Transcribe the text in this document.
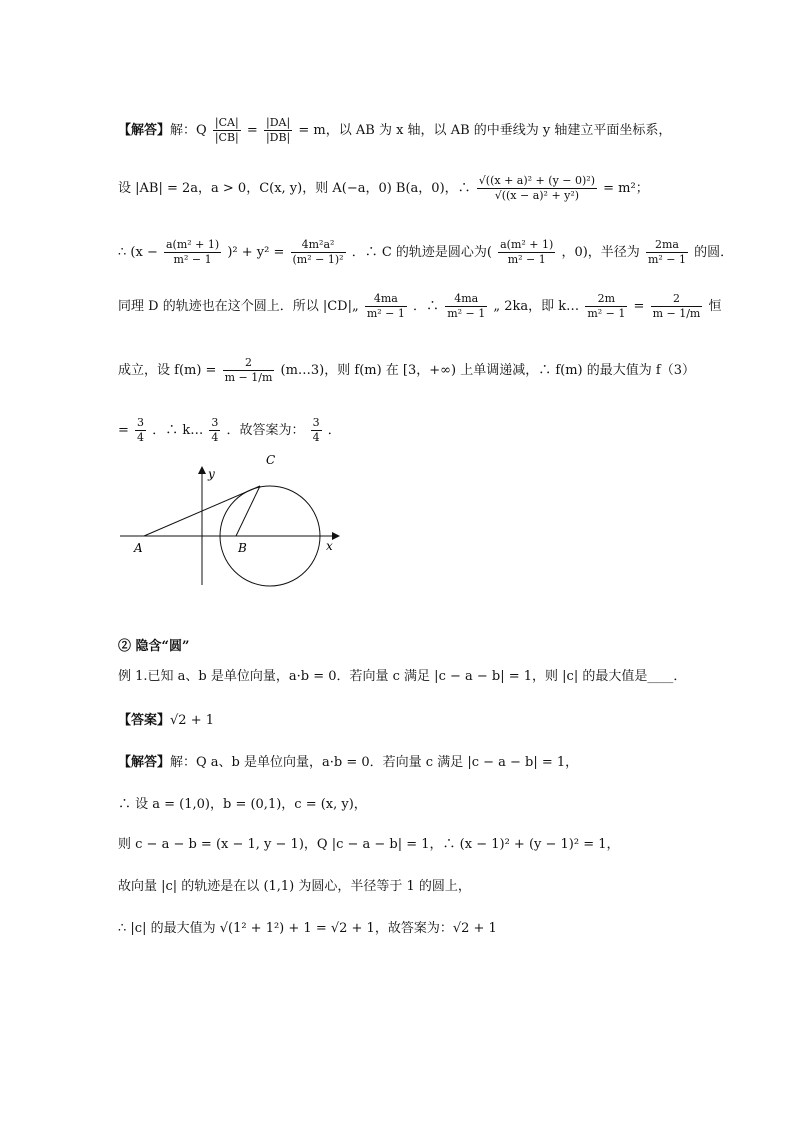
【解答】解：Q $\frac{|CA|}{|CB|} = \frac{|DA|}{|DB|} = m$，以 AB 为 x 轴，以 AB 的中垂线为 y 轴建立平面坐标系，
设 |AB| = 2a，a > 0，C(x, y)，则 A(−a，0) B(a，0)，∴ $\frac{\text{√((x + a)² + (y − 0)²)}}{\text{√((x − a)² + y²)}} = m^2$；
∴ $(x - \frac{\text{a(m² + 1)}}{\text{m² − 1}} )^2 + y^2 = \frac{\text{4m²a²}}{\text{(m² − 1)²}}$ ．∴ C 的轨迹是圆心为( $\frac{\text{a(m² + 1)}}{\text{m² − 1}}$ ，0)，半径为 $\frac{2ma}{\text{m² − 1}}$ 的圆．
同理 D 的轨迹也在这个圆上．所以 |CD|„ $\frac{4ma}{\text{m² − 1}}$ ．∴ $\frac{4ma}{\text{m² − 1}}$ „ 2ka，即 k… $\frac{2m}{\text{m² − 1}} = \frac{2}{m - 1/m}$ 恒
成立，设 $f(m) = \frac{2}{m - 1/m}$ (m…3)，则 f(m) 在 [3，+∞) 上单调递减，∴ f(m) 的最大值为 f（3）
= $\frac{3}{4}$ ．∴ k… $\frac{3}{4}$ ．故答案为： $\frac{3}{4}$ ．
y
x
A	B
C
② 隐含“圆”
例 1.已知 a、b 是单位向量，a·b = 0．若向量 c 满足 |c − a − b| = 1，则 |c| 的最大值是____．
【答案】√2 + 1
【解答】解：Q a、b 是单位向量，a·b = 0．若向量 c 满足 |c − a − b| = 1，
∴ 设 a = (1,0)，b = (0,1)，c = (x, y)，
则 c − a − b = (x − 1, y − 1)，Q |c − a − b| = 1，∴ (x − 1)² + (y − 1)² = 1，
故向量 |c| 的轨迹是在以 (1,1) 为圆心，半径等于 1 的圆上，
∴ |c| 的最大值为 √(1² + 1²) + 1 = √2 + 1，故答案为：√2 + 1
